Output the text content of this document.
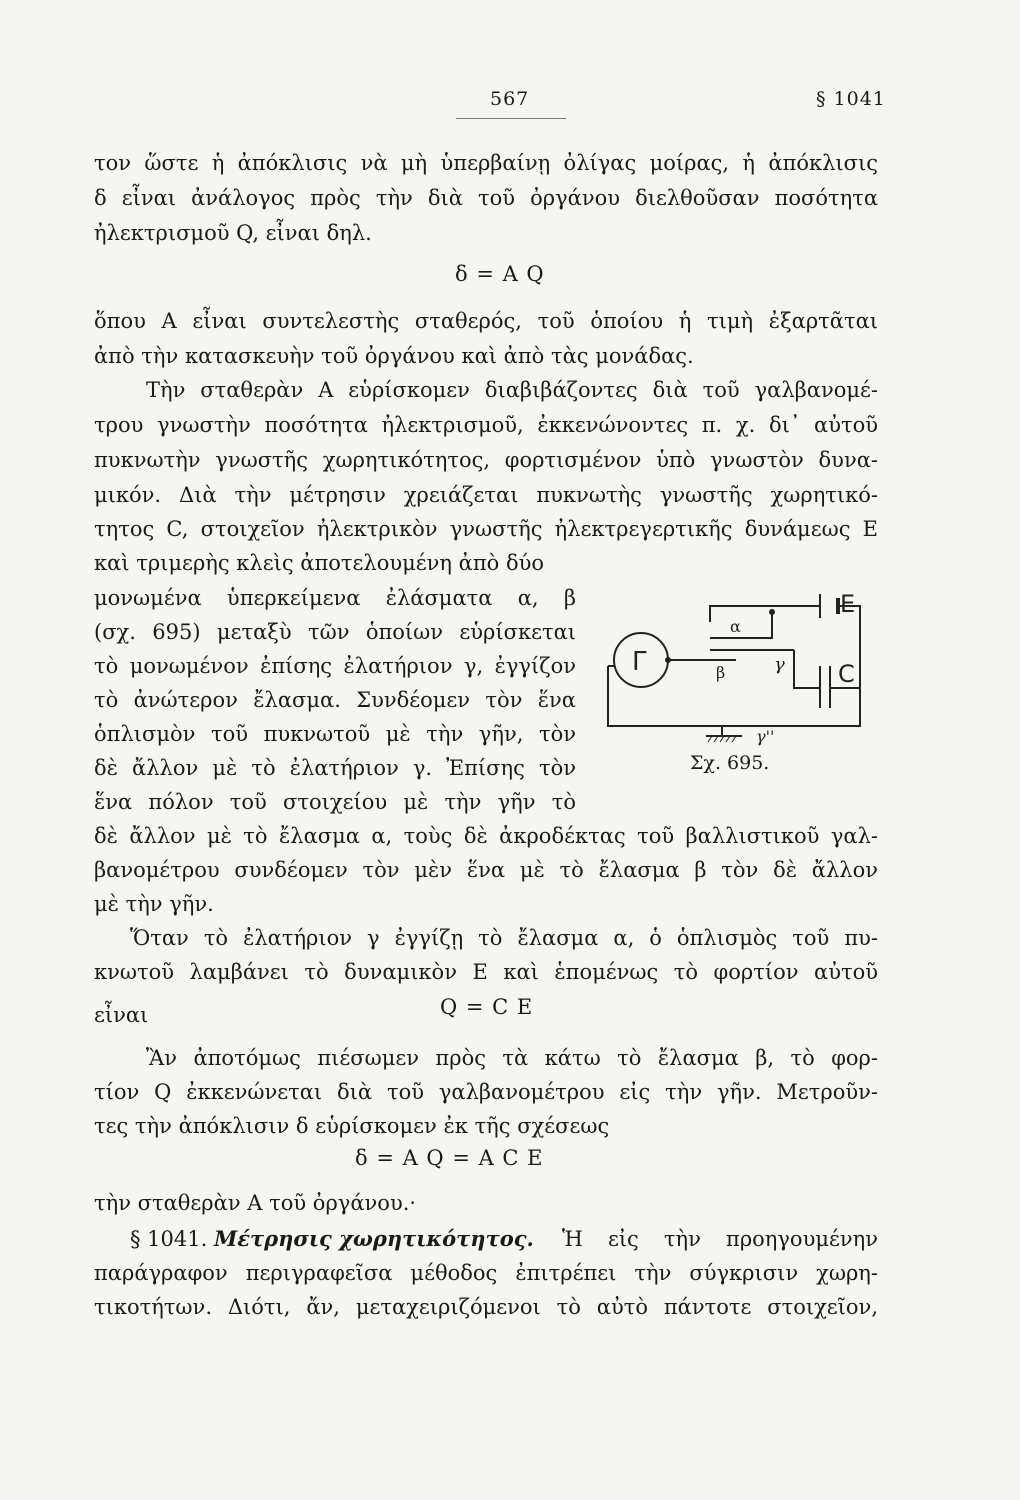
567	§ 1041
τον ὥστε ἡ ἀπόκλισις νὰ μὴ ὑπερβαίνῃ ὀλίγας μοίρας, ἡ ἀπόκλισις
δ εἶναι ἀνάλογος πρὸς τὴν διὰ τοῦ ὀργάνου διελθοῦσαν ποσότητα
ἠλεκτρισμοῦ Q, εἶναι δηλ.
δ = A Q
ὅπου Α εἶναι συντελεστὴς σταθερός, τοῦ ὁποίου ἡ τιμὴ ἐξαρτᾶται
ἀπὸ τὴν κατασκευὴν τοῦ ὀργάνου καὶ ἀπὸ τὰς μονάδας.
Τὴν σταθερὰν Α εὑρίσκομεν διαβιβάζοντες διὰ τοῦ γαλβανομέ-
τρου γνωστὴν ποσότητα ἠλεκτρισμοῦ, ἐκκενώνοντες π. χ. δι᾽ αὐτοῦ
πυκνωτὴν γνωστῆς χωρητικότητος, φορτισμένον ὑπὸ γνωστὸν δυνα-
μικόν. Διὰ τὴν μέτρησιν χρειάζεται πυκνωτὴς γνωστῆς χωρητικό-
τητος C, στοιχεῖον ἠλεκτρικὸν γνωστῆς ἠλεκτρεγερτικῆς δυνάμεως Ε
καὶ τριμερὴς κλεὶς ἀποτελουμένη ἀπὸ δύο
μονωμένα ὑπερκείμενα ἐλάσματα α, β
(σχ. 695) μεταξὺ τῶν ὁποίων εὑρίσκεται
τὸ μονωμένον ἐπίσης ἐλατήριον γ, ἐγγίζον
τὸ ἀνώτερον ἔλασμα. Συνδέομεν τὸν ἕνα
ὁπλισμὸν τοῦ πυκνωτοῦ μὲ τὴν γῆν, τὸν
δὲ ἄλλον μὲ τὸ ἐλατήριον γ. Ἐπίσης τὸν
ἕνα πόλον τοῦ στοιχείου μὲ τὴν γῆν τὸ
δὲ ἄλλον μὲ τὸ ἔλασμα α, τοὺς δὲ ἀκροδέκτας τοῦ βαλλιστικοῦ γαλ-
βανομέτρου συνδέομεν τὸν μὲν ἕνα μὲ τὸ ἔλασμα β τὸν δὲ ἄλλον
μὲ τὴν γῆν.
Ὅταν τὸ ἐλατήριον γ ἐγγίζῃ τὸ ἔλασμα α, ὁ ὁπλισμὸς τοῦ πυ-
κνωτοῦ λαμβάνει τὸ δυναμικὸν Ε καὶ ἑπομένως τὸ φορτίον αὐτοῦ
εἶναι	Q = C E
Ἂν ἀποτόμως πιέσωμεν πρὸς τὰ κάτω τὸ ἔλασμα β, τὸ φορ-
τίον Q ἐκκενώνεται διὰ τοῦ γαλβανομέτρου εἰς τὴν γῆν. Μετροῦν-
τες τὴν ἀπόκλισιν δ εὑρίσκομεν ἐκ τῆς σχέσεως
δ = A Q = A C E
τὴν σταθερὰν Α τοῦ ὀργάνου.·
§ 1041. Μέτρησις χωρητικότητος. Ἡ εἰς τὴν προηγουμένην
παράγραφον περιγραφεῖσα μέθοδος ἐπιτρέπει τὴν σύγκρισιν χωρη-
τικοτήτων. Διότι, ἄν, μεταχειριζόμενοι τὸ αὐτὸ πάντοτε στοιχεῖον,
Γ
E
C
α
β	γ
γ''
Σχ. 695.
